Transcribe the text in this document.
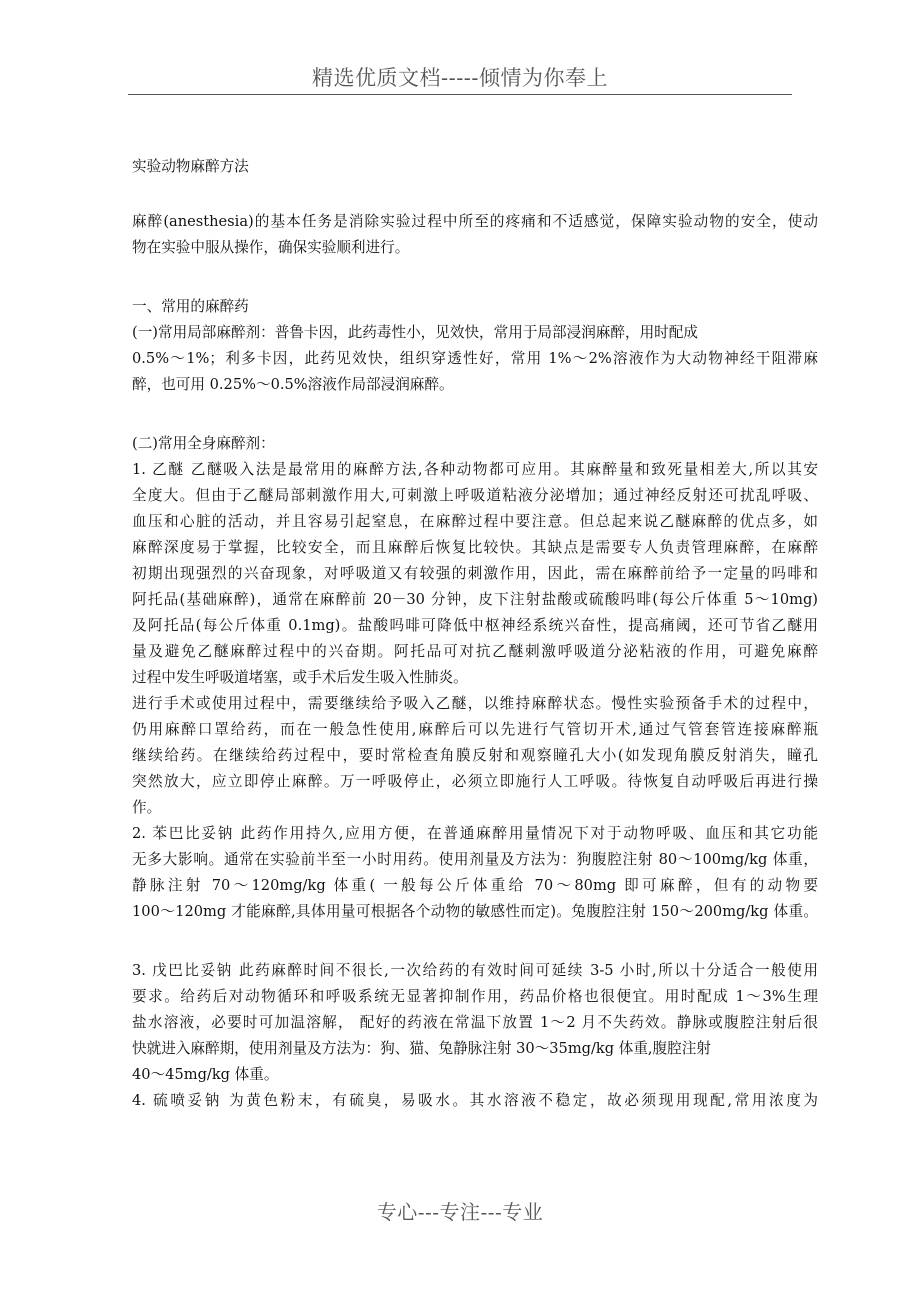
精选优质文档-----倾情为你奉上
实验动物麻醉方法
麻醉(anesthesia)的基本任务是消除实验过程中所至的疼痛和不适感觉，保障实验动物的安全，使动
物在实验中服从操作，确保实验顺利进行。
一、常用的麻醉药
(一)常用局部麻醉剂：普鲁卡因，此药毒性小，见效快，常用于局部浸润麻醉，用时配成
0.5%～1%；利多卡因，此药见效快，组织穿透性好，常用 1%～2%溶液作为大动物神经干阻滞麻
醉，也可用 0.25%～0.5%溶液作局部浸润麻醉。
(二)常用全身麻醉剂：
1. 乙醚 乙醚吸入法是最常用的麻醉方法,各种动物都可应用。其麻醉量和致死量相差大,所以其安
全度大。但由于乙醚局部刺激作用大,可刺激上呼吸道粘液分泌增加；通过神经反射还可扰乱呼吸、
血压和心脏的活动，并且容易引起窒息，在麻醉过程中要注意。但总起来说乙醚麻醉的优点多，如
麻醉深度易于掌握，比较安全，而且麻醉后恢复比较快。其缺点是需要专人负责管理麻醉，在麻醉
初期出现强烈的兴奋现象，对呼吸道又有较强的刺激作用，因此，需在麻醉前给予一定量的吗啡和
阿托品(基础麻醉)，通常在麻醉前 20－30 分钟，皮下注射盐酸或硫酸吗啡(每公斤体重 5～10mg)
及阿托品(每公斤体重 0.1mg)。盐酸吗啡可降低中枢神经系统兴奋性，提高痛阈，还可节省乙醚用
量及避免乙醚麻醉过程中的兴奋期。阿托品可对抗乙醚刺激呼吸道分泌粘液的作用，可避免麻醉
过程中发生呼吸道堵塞，或手术后发生吸入性肺炎。
进行手术或使用过程中，需要继续给予吸入乙醚，以维持麻醉状态。慢性实验预备手术的过程中，
仍用麻醉口罩给药，而在一般急性使用,麻醉后可以先进行气管切开术,通过气管套管连接麻醉瓶
继续给药。在继续给药过程中，要时常检查角膜反射和观察瞳孔大小(如发现角膜反射消失，瞳孔
突然放大，应立即停止麻醉。万一呼吸停止，必须立即施行人工呼吸。待恢复自动呼吸后再进行操
作。
2. 苯巴比妥钠 此药作用持久,应用方便，在普通麻醉用量情况下对于动物呼吸、血压和其它功能
无多大影响。通常在实验前半至一小时用药。使用剂量及方法为：狗腹腔注射 80～100mg/kg 体重，
静脉注射 70～120mg/kg 体重( 一般每公斤体重给 70～80mg 即可麻醉，但有的动物要
100～120mg 才能麻醉,具体用量可根据各个动物的敏感性而定)。兔腹腔注射 150～200mg/kg 体重。
3. 戊巴比妥钠 此药麻醉时间不很长,一次给药的有效时间可延续 3-5 小时,所以十分适合一般使用
要求。给药后对动物循环和呼吸系统无显著抑制作用，药品价格也很便宜。用时配成 1～3%生理
盐水溶液，必要时可加温溶解， 配好的药液在常温下放置 1～2 月不失药效。静脉或腹腔注射后很
快就进入麻醉期，使用剂量及方法为：狗、猫、兔静脉注射 30～35mg/kg 体重,腹腔注射
40～45mg/kg 体重。
4. 硫喷妥钠 为黄色粉末，有硫臭，易吸水。其水溶液不稳定，故必须现用现配,常用浓度为
专心---专注---专业
